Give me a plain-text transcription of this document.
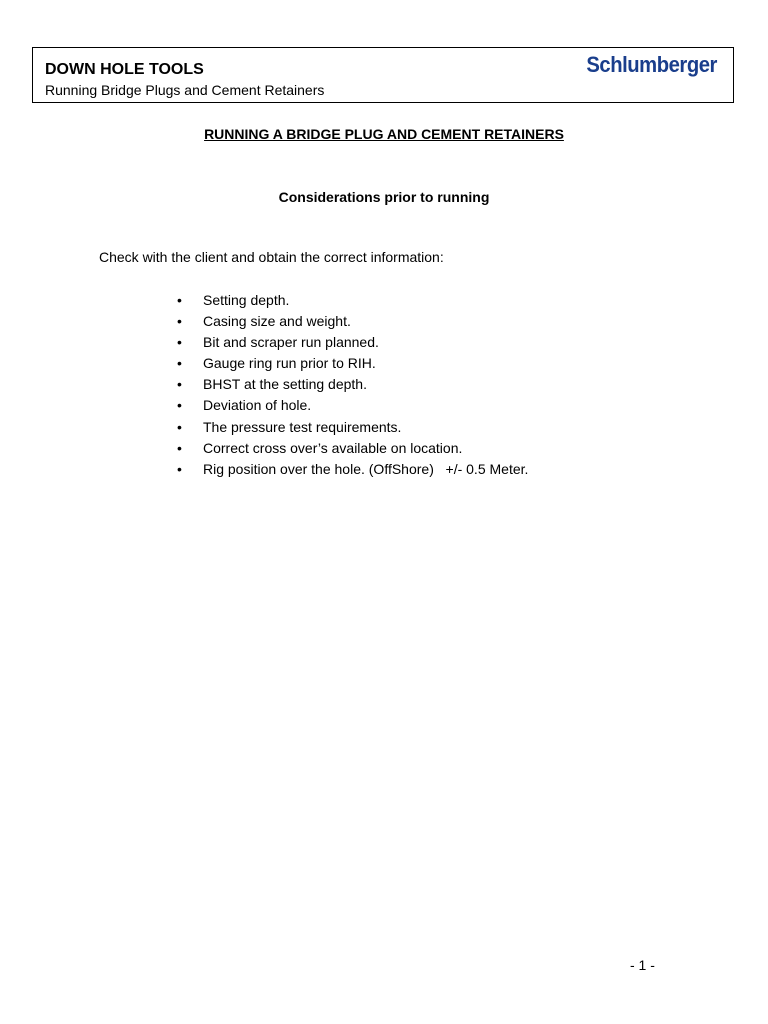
DOWN HOLE TOOLS
Running Bridge Plugs and Cement Retainers
Schlumberger
RUNNING A BRIDGE PLUG AND CEMENT RETAINERS
Considerations prior to running
Check with the client and obtain the correct information:
• Setting depth.
• Casing size and weight.
• Bit and scraper run planned.
• Gauge ring run prior to RIH.
• BHST at the setting depth.
• Deviation of hole.
• The pressure test requirements.
• Correct cross over’s available on location.
• Rig position over the hole. (OffShore)   +/- 0.5 Meter.
- 1 -
